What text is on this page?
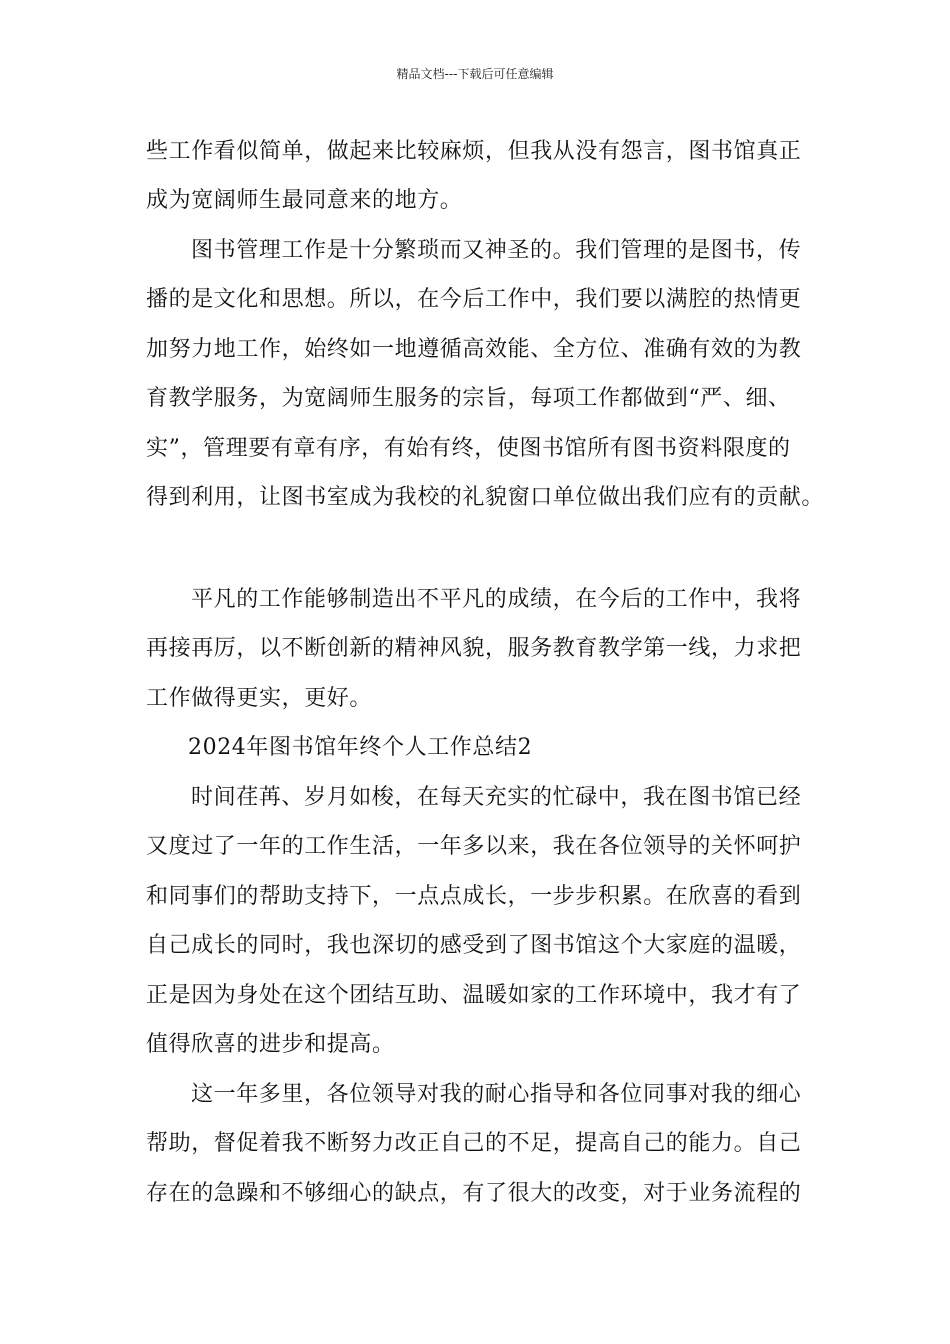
精品文档---下载后可任意编辑
些工作看似简单，做起来比较麻烦，但我从没有怨言，图书馆真正
成为宽阔师生最同意来的地方。
图书管理工作是十分繁琐而又神圣的。我们管理的是图书，传
播的是文化和思想。所以，在今后工作中，我们要以满腔的热情更
加努力地工作，始终如一地遵循高效能、全方位、准确有效的为教
育教学服务，为宽阔师生服务的宗旨，每项工作都做到“严、细、
实”，管理要有章有序，有始有终，使图书馆所有图书资料限度的
得到利用，让图书室成为我校的礼貌窗口单位做出我们应有的贡献。
平凡的工作能够制造出不平凡的成绩，在今后的工作中，我将
再接再厉，以不断创新的精神风貌，服务教育教学第一线，力求把
工作做得更实，更好。
2024年图书馆年终个人工作总结2
时间荏苒、岁月如梭，在每天充实的忙碌中，我在图书馆已经
又度过了一年的工作生活，一年多以来，我在各位领导的关怀呵护
和同事们的帮助支持下，一点点成长，一步步积累。在欣喜的看到
自己成长的同时，我也深切的感受到了图书馆这个大家庭的温暖，
正是因为身处在这个团结互助、温暖如家的工作环境中，我才有了
值得欣喜的进步和提高。
这一年多里，各位领导对我的耐心指导和各位同事对我的细心
帮助，督促着我不断努力改正自己的不足，提高自己的能力。自己
存在的急躁和不够细心的缺点，有了很大的改变，对于业务流程的
